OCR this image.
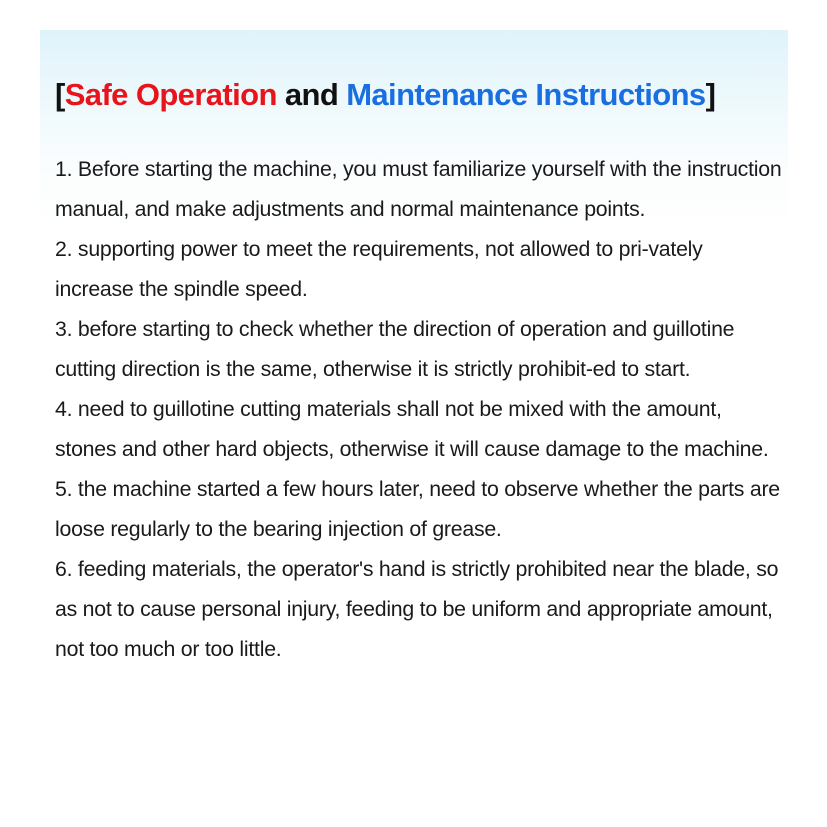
[Safe Operation and Maintenance Instructions]

1. Before starting the machine, you must familiarize yourself with the instruction manual, and make adjustments and normal maintenance points.

2. supporting power to meet the requirements, not allowed to pri-vately increase the spindle speed.

3. before starting to check whether the direction of operation and guillotine cutting direction is the same, otherwise it is strictly prohibit-ed to start.

4. need to guillotine cutting materials shall not be mixed with the amount, stones and other hard objects, otherwise it will cause damage to the machine.

5. the machine started a few hours later, need to observe whether the parts are loose regularly to the bearing injection of grease.

6. feeding materials, the operator's hand is strictly prohibited near the blade, so as not to cause personal injury, feeding to be uniform and appropriate amount, not too much or too little.
